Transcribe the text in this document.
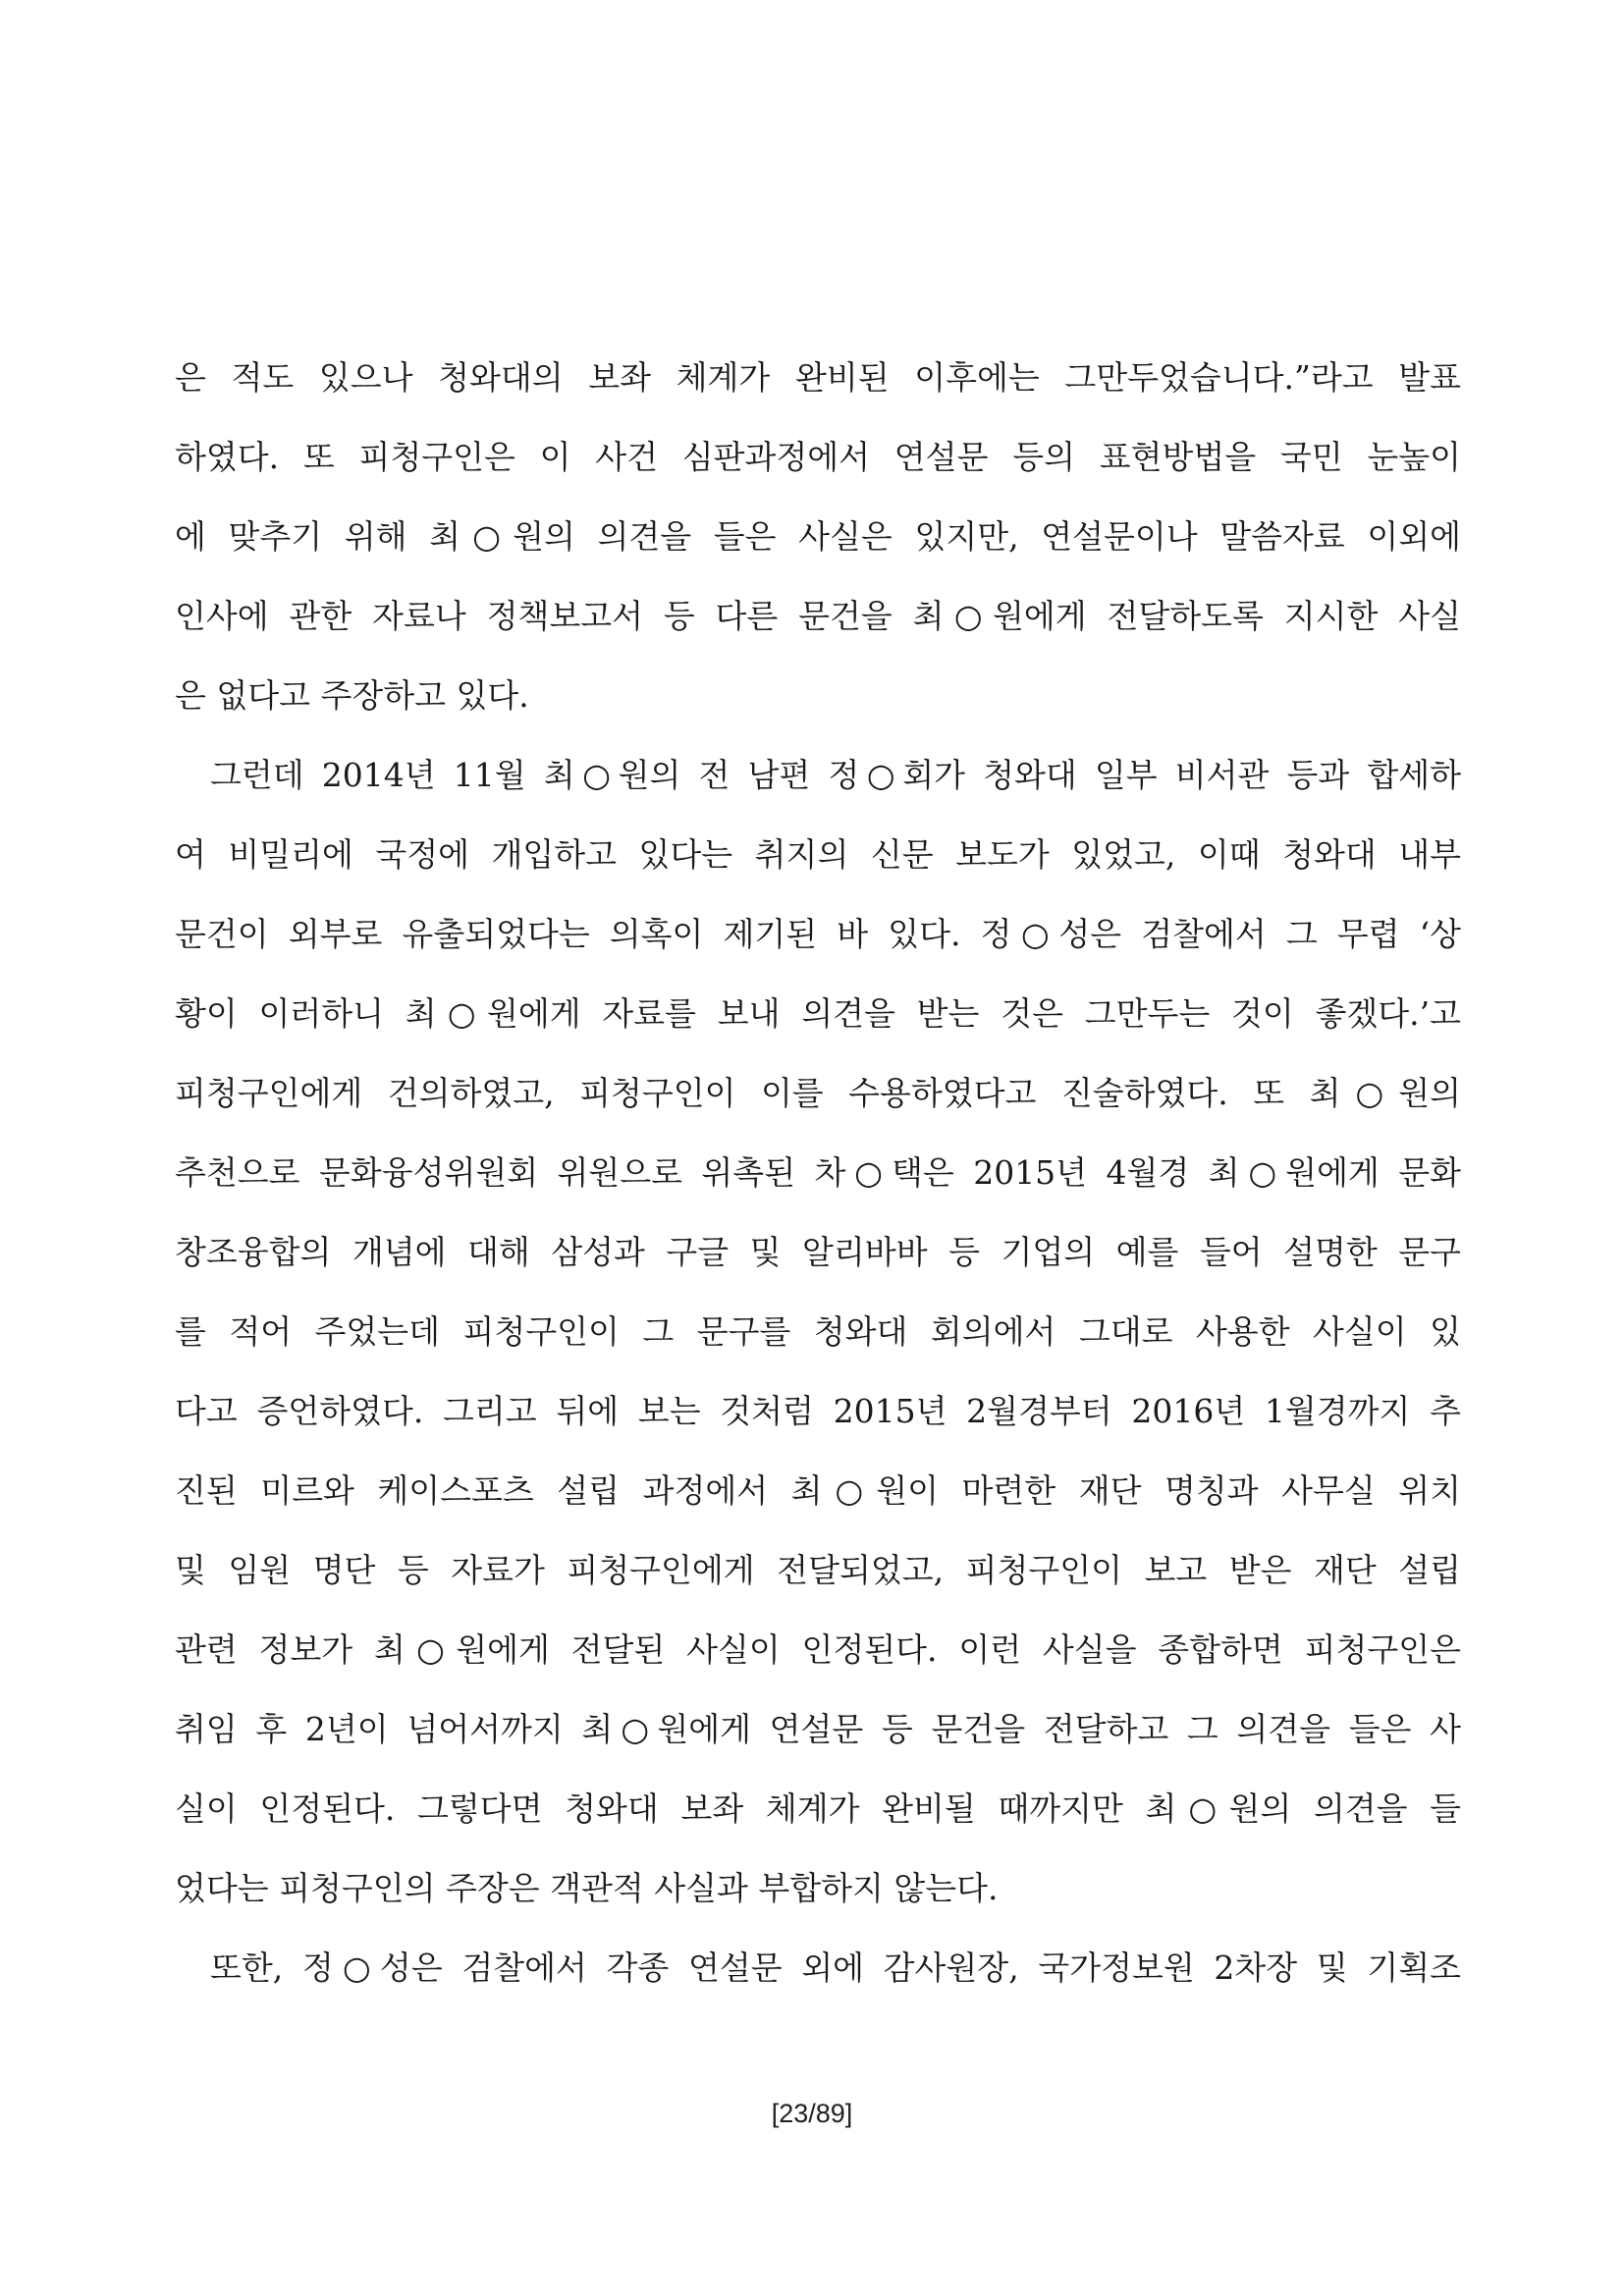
은 적도 있으나 청와대의 보좌 체계가 완비된 이후에는 그만두었습니다.”라고 발표
하였다. 또 피청구인은 이 사건 심판과정에서 연설문 등의 표현방법을 국민 눈높이
에 맞추기 위해 최○원의 의견을 들은 사실은 있지만, 연설문이나 말씀자료 이외에
인사에 관한 자료나 정책보고서 등 다른 문건을 최○원에게 전달하도록 지시한 사실
은 없다고 주장하고 있다.
그런데 2014년 11월 최○원의 전 남편 정○회가 청와대 일부 비서관 등과 합세하
여 비밀리에 국정에 개입하고 있다는 취지의 신문 보도가 있었고, 이때 청와대 내부
문건이 외부로 유출되었다는 의혹이 제기된 바 있다. 정○성은 검찰에서 그 무렵 ‘상
황이 이러하니 최○원에게 자료를 보내 의견을 받는 것은 그만두는 것이 좋겠다.’고
피청구인에게 건의하였고, 피청구인이 이를 수용하였다고 진술하였다. 또 최○원의
추천으로 문화융성위원회 위원으로 위촉된 차○택은 2015년 4월경 최○원에게 문화
창조융합의 개념에 대해 삼성과 구글 및 알리바바 등 기업의 예를 들어 설명한 문구
를 적어 주었는데 피청구인이 그 문구를 청와대 회의에서 그대로 사용한 사실이 있
다고 증언하였다. 그리고 뒤에 보는 것처럼 2015년 2월경부터 2016년 1월경까지 추
진된 미르와 케이스포츠 설립 과정에서 최○원이 마련한 재단 명칭과 사무실 위치
및 임원 명단 등 자료가 피청구인에게 전달되었고, 피청구인이 보고 받은 재단 설립
관련 정보가 최○원에게 전달된 사실이 인정된다. 이런 사실을 종합하면 피청구인은
취임 후 2년이 넘어서까지 최○원에게 연설문 등 문건을 전달하고 그 의견을 들은 사
실이 인정된다. 그렇다면 청와대 보좌 체계가 완비될 때까지만 최○원의 의견을 들
었다는 피청구인의 주장은 객관적 사실과 부합하지 않는다.
또한, 정○성은 검찰에서 각종 연설문 외에 감사원장, 국가정보원 2차장 및 기획조
[23/89]
